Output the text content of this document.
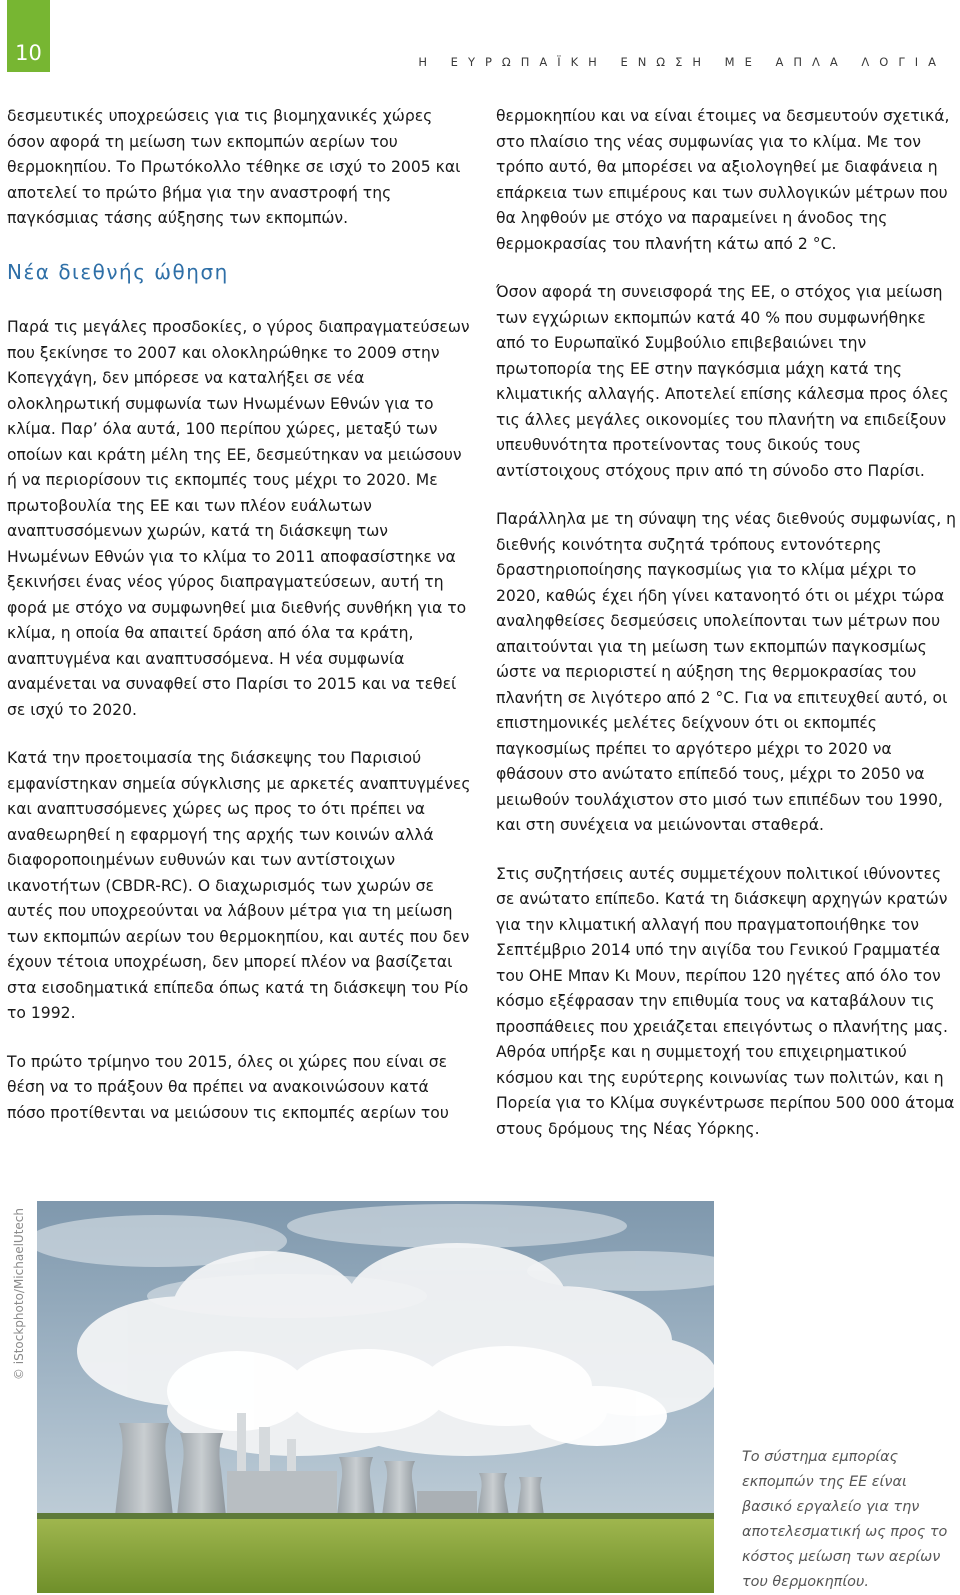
10	Η ΕΥΡΩΠΑΪΚΗ ΕΝΩΣΗ ΜΕ ΑΠΛΑ ΛΟΓΙΑ

δεσμευτικές υποχρεώσεις για τις βιομηχανικές χώρες όσον αφορά τη μείωση των εκπομπών αερίων του θερμοκηπίου. Το Πρωτόκολλο τέθηκε σε ισχύ το 2005 και αποτελεί το πρώτο βήμα για την αναστροφή της παγκόσμιας τάσης αύξησης των εκπομπών.

Νέα διεθνής ώθηση

Παρά τις μεγάλες προσδοκίες, ο γύρος διαπραγματεύσεων που ξεκίνησε το 2007 και ολοκληρώθηκε το 2009 στην Κοπεγχάγη, δεν μπόρεσε να καταλήξει σε νέα ολοκληρωτική συμφωνία των Ηνωμένων Εθνών για το κλίμα. Παρ’ όλα αυτά, 100 περίπου χώρες, μεταξύ των οποίων και κράτη μέλη της ΕΕ, δεσμεύτηκαν να μειώσουν ή να περιορίσουν τις εκπομπές τους μέχρι το 2020. Με πρωτοβουλία της ΕΕ και των πλέον ευάλωτων αναπτυσσόμενων χωρών, κατά τη διάσκεψη των Ηνωμένων Εθνών για το κλίμα το 2011 αποφασίστηκε να ξεκινήσει ένας νέος γύρος διαπραγματεύσεων, αυτή τη φορά με στόχο να συμφωνηθεί μια διεθνής συνθήκη για το κλίμα, η οποία θα απαιτεί δράση από όλα τα κράτη, αναπτυγμένα και αναπτυσσόμενα. Η νέα συμφωνία αναμένεται να συναφθεί στο Παρίσι το 2015 και να τεθεί σε ισχύ το 2020.

Κατά την προετοιμασία της διάσκεψης του Παρισιού εμφανίστηκαν σημεία σύγκλισης με αρκετές αναπτυγμένες και αναπτυσσόμενες χώρες ως προς το ότι πρέπει να αναθεωρηθεί η εφαρμογή της αρχής των κοινών αλλά διαφοροποιημένων ευθυνών και των αντίστοιχων ικανοτήτων (CBDR-RC). Ο διαχωρισμός των χωρών σε αυτές που υποχρεούνται να λάβουν μέτρα για τη μείωση των εκπομπών αερίων του θερμοκηπίου, και αυτές που δεν έχουν τέτοια υποχρέωση, δεν μπορεί πλέον να βασίζεται στα εισοδηματικά επίπεδα όπως κατά τη διάσκεψη του Ρίο το 1992.

Το πρώτο τρίμηνο του 2015, όλες οι χώρες που είναι σε θέση να το πράξουν θα πρέπει να ανακοινώσουν κατά πόσο προτίθενται να μειώσουν τις εκπομπές αερίων του

θερμοκηπίου και να είναι έτοιμες να δεσμευτούν σχετικά, στο πλαίσιο της νέας συμφωνίας για το κλίμα. Με τον τρόπο αυτό, θα μπορέσει να αξιολογηθεί με διαφάνεια η επάρκεια των επιμέρους και των συλλογικών μέτρων που θα ληφθούν με στόχο να παραμείνει η άνοδος της θερμοκρασίας του πλανήτη κάτω από 2 °C.

Όσον αφορά τη συνεισφορά της ΕΕ, ο στόχος για μείωση των εγχώριων εκπομπών κατά 40 % που συμφωνήθηκε από το Ευρωπαϊκό Συμβούλιο επιβεβαιώνει την πρωτοπορία της ΕΕ στην παγκόσμια μάχη κατά της κλιματικής αλλαγής. Αποτελεί επίσης κάλεσμα προς όλες τις άλλες μεγάλες οικονομίες του πλανήτη να επιδείξουν υπευθυνότητα προτείνοντας τους δικούς τους αντίστοιχους στόχους πριν από τη σύνοδο στο Παρίσι.

Παράλληλα με τη σύναψη της νέας διεθνούς συμφωνίας, η διεθνής κοινότητα συζητά τρόπους εντονότερης δραστηριοποίησης παγκοσμίως για το κλίμα μέχρι το 2020, καθώς έχει ήδη γίνει κατανοητό ότι οι μέχρι τώρα αναληφθείσες δεσμεύσεις υπολείπονται των μέτρων που απαιτούνται για τη μείωση των εκπομπών παγκοσμίως ώστε να περιοριστεί η αύξηση της θερμοκρασίας του πλανήτη σε λιγότερο από 2 °C. Για να επιτευχθεί αυτό, οι επιστημονικές μελέτες δείχνουν ότι οι εκπομπές παγκοσμίως πρέπει το αργότερο μέχρι το 2020 να φθάσουν στο ανώτατο επίπεδό τους, μέχρι το 2050 να μειωθούν τουλάχιστον στο μισό των επιπέδων του 1990, και στη συνέχεια να μειώνονται σταθερά.

Στις συζητήσεις αυτές συμμετέχουν πολιτικοί ιθύνοντες σε ανώτατο επίπεδο. Κατά τη διάσκεψη αρχηγών κρατών για την κλιματική αλλαγή που πραγματοποιήθηκε τον Σεπτέμβριο 2014 υπό την αιγίδα του Γενικού Γραμματέα του ΟΗΕ Μπαν Κι Μουν, περίπου 120 ηγέτες από όλο τον κόσμο εξέφρασαν την επιθυμία τους να καταβάλουν τις προσπάθειες που χρειάζεται επειγόντως ο πλανήτης μας. Αθρόα υπήρξε και η συμμετοχή του επιχειρηματικού κόσμου και της ευρύτερης κοινωνίας των πολιτών, και η Πορεία για το Κλίμα συγκέντρωσε περίπου 500 000 άτομα στους δρόμους της Νέας Υόρκης.

© iStockphoto/MichaelUtech
Το σύστημα εμπορίας εκπομπών της ΕΕ είναι βασικό εργαλείο για την αποτελεσματική ως προς το κόστος μείωση των αερίων του θερμοκηπίου.
